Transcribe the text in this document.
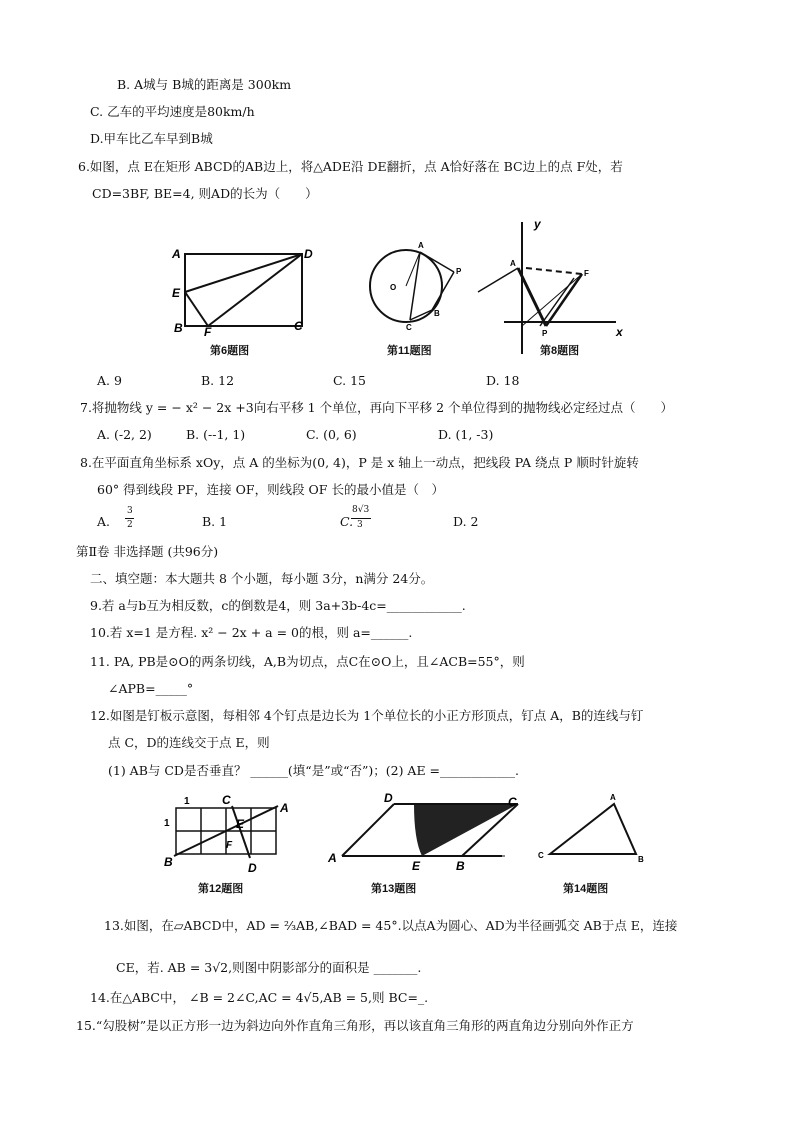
B. A城与 B城的距离是 300km
C. 乙车的平均速度是80km/h
D.甲车比乙车早到B城
6.如图，点 E在矩形 ABCD的AB边上，将△ADE沿 DE翻折，点 A恰好落在 BC边上的点 F处，若
CD=3BF, BE=4, 则AD的长为（　　）
A	D
E
B F	C
第6题图
A
P
O
B
C
第11题图
y
x
A
F
P
第8题图
A. 9	B. 12	C. 15	D. 18
7.将抛物线 y = − x² − 2x +3向右平移 1 个单位，再向下平移 2 个单位得到的抛物线必定经过点（　　）
A. (-2, 2)	B. (--1, 1)	C. (0, 6)	D. (1, -3)
8.在平面直角坐标系 xOy，点 A 的坐标为(0, 4)，P 是 x 轴上一动点，把线段 PA 绕点 P 顺时针旋转
60° 得到线段 PF，连接 OF，则线段 OF 长的最小值是（　）
A.
3
2	B. 1	C.
8√3
3	D. 2
第Ⅱ卷 非选择题 (共96分)
二、填空题：本大题共 8 个小题，每小题 3分，n满分 24分。
9.若 a与b互为相反数，c的倒数是4，则 3a+3b-4c=____________.
10.若 x=1 是方程. x² − 2x + a = 0的根，则 a=______.
11. PA, PB是⊙O的两条切线，A,B为切点，点C在⊙O上，且∠ACB=55°，则
∠APB=_____°
12.如图是钉板示意图，每相邻 4个钉点是边长为 1个单位长的小正方形顶点，钉点 A，B的连线与钉
点 C，D的连线交于点 E，则
(1) AB与 CD是否垂直？ ______(填“是”或“否”)；(2) AE =____________.
1
1
C
A
E
F
B	D
第12题图
A
D	C
E	B
第13题图
A
C	B
第14题图
13.如图，在▱ABCD中，AD = ⅔AB,∠BAD = 45°.以点A为圆心、AD为半径画弧交 AB于点 E，连接
CE，若. AB = 3√2,则图中阴影部分的面积是 _______.
14.在△ABC中， ∠B = 2∠C,AC = 4√5,AB = 5,则 BC=_.
15.“勾股树”是以正方形一边为斜边向外作直角三角形，再以该直角三角形的两直角边分别向外作正方
